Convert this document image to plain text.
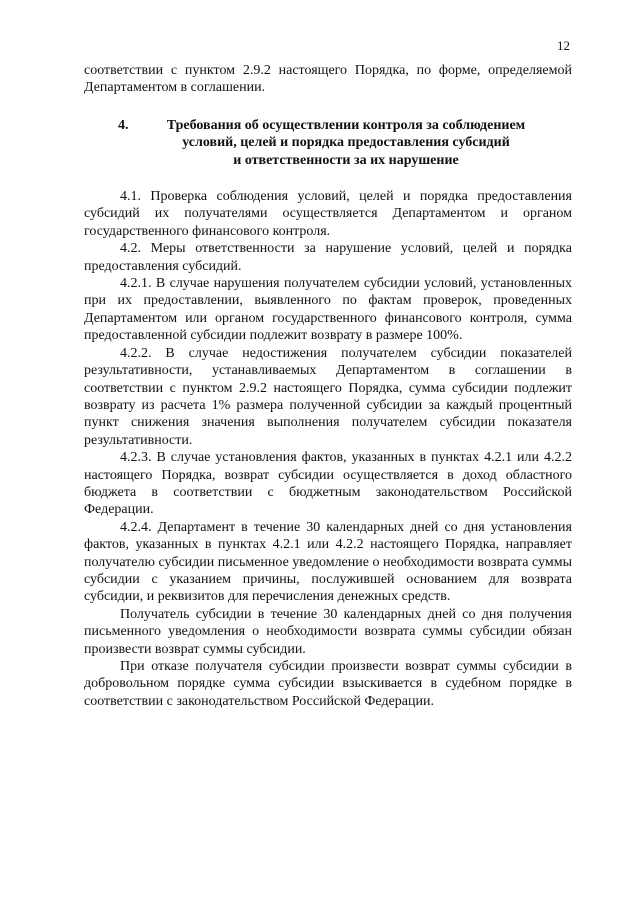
12

соответствии с пунктом 2.9.2 настоящего Порядка, по форме, определяемой Департаментом в соглашении.

4.	Требования об осуществлении контроля за соблюдением
условий, целей и порядка предоставления субсидий
и ответственности за их нарушение

4.1. Проверка соблюдения условий, целей и порядка предоставления субсидий их получателями осуществляется Департаментом и органом государственного финансового контроля.

4.2. Меры ответственности за нарушение условий, целей и порядка предоставления субсидий.

4.2.1. В случае нарушения получателем субсидии условий, установленных при их предоставлении, выявленного по фактам проверок, проведенных Департаментом или органом государственного финансового контроля, сумма предоставленной субсидии подлежит возврату в размере 100%.

4.2.2. В случае недостижения получателем субсидии показателей результативности, устанавливаемых Департаментом в соглашении в соответствии с пунктом 2.9.2 настоящего Порядка, сумма субсидии подлежит возврату из расчета 1% размера полученной субсидии за каждый процентный пункт снижения значения выполнения получателем субсидии показателя результативности.

4.2.3. В случае установления фактов, указанных в пунктах 4.2.1 или 4.2.2 настоящего Порядка, возврат субсидии осуществляется в доход областного бюджета в соответствии с бюджетным законодательством Российской Федерации.

4.2.4. Департамент в течение 30 календарных дней со дня установления фактов, указанных в пунктах 4.2.1 или 4.2.2 настоящего Порядка, направляет получателю субсидии письменное уведомление о необходимости возврата суммы субсидии с указанием причины, послужившей основанием для возврата субсидии, и реквизитов для перечисления денежных средств.

Получатель субсидии в течение 30 календарных дней со дня получения письменного уведомления о необходимости возврата суммы субсидии обязан произвести возврат суммы субсидии.

При отказе получателя субсидии произвести возврат суммы субсидии в добровольном порядке сумма субсидии взыскивается в судебном порядке в соответствии с законодательством Российской Федерации.
